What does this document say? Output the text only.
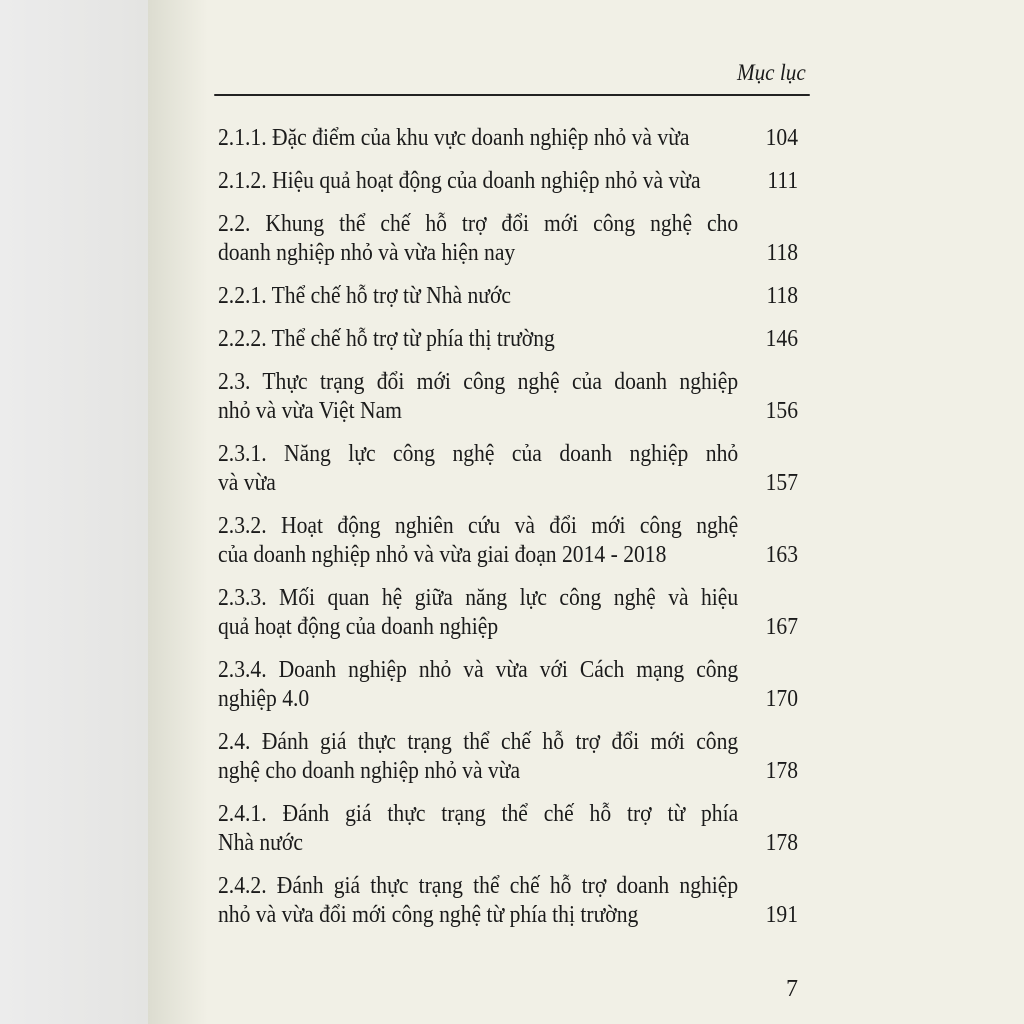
Mục lục
2.1.1. Đặc điểm của khu vực doanh nghiệp nhỏ và vừa	104
2.1.2. Hiệu quả hoạt động của doanh nghiệp nhỏ và vừa	111
2.2. Khung thể chế hỗ trợ đổi mới công nghệ cho
doanh nghiệp nhỏ và vừa hiện nay	118
2.2.1. Thể chế hỗ trợ từ Nhà nước	118
2.2.2. Thể chế hỗ trợ từ phía thị trường	146
2.3. Thực trạng đổi mới công nghệ của doanh nghiệp
nhỏ và vừa Việt Nam	156
2.3.1. Năng lực công nghệ của doanh nghiệp nhỏ
và vừa	157
2.3.2. Hoạt động nghiên cứu và đổi mới công nghệ
của doanh nghiệp nhỏ và vừa giai đoạn 2014 - 2018	163
2.3.3. Mối quan hệ giữa năng lực công nghệ và hiệu
quả hoạt động của doanh nghiệp	167
2.3.4. Doanh nghiệp nhỏ và vừa với Cách mạng công
nghiệp 4.0	170
2.4. Đánh giá thực trạng thể chế hỗ trợ đổi mới công
nghệ cho doanh nghiệp nhỏ và vừa	178
2.4.1. Đánh giá thực trạng thể chế hỗ trợ từ phía
Nhà nước	178
2.4.2. Đánh giá thực trạng thể chế hỗ trợ doanh nghiệp
nhỏ và vừa đổi mới công nghệ từ phía thị trường	191
7
